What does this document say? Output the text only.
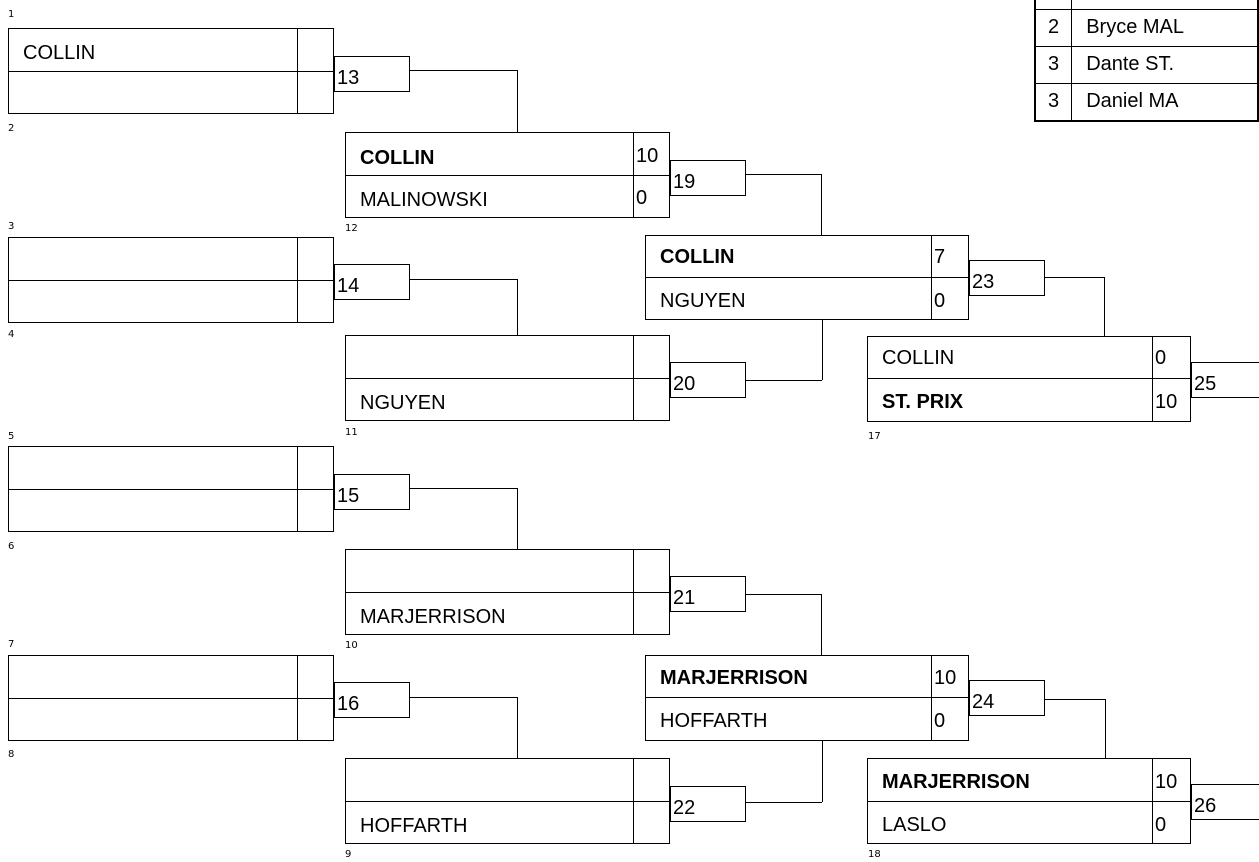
1
2
3
4
5
6
7
8
COLLIN
13
14
15
16
COLLIN
MALINOWSKI
10
0
NGUYEN
MARJERRISON
HOFFARTH
12
11
10
9
17
18
19
20
21
22
COLLIN
NGUYEN
7
0
MARJERRISON
HOFFARTH
10
0
23
24
COLLIN
ST. PRIX
0
10
MARJERRISON
LASLO
10
0
25
26

2	Bryce MAL
3	Dante ST.
3	Daniel MA
